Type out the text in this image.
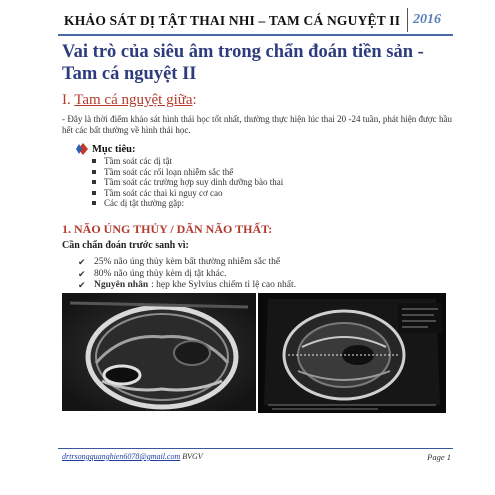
KHẢO SÁT DỊ TẬT THAI NHI – TAM CÁ NGUYỆT II 2016
Vai trò của siêu âm trong chẩn đoán tiền sản - Tam cá nguyệt II
I. Tam cá nguyệt giữa:
- Đây là thời điểm khảo sát hình thái học tốt nhất, thường thực hiện lúc thai 20 -24 tuần, phát hiện được hầu hết các bất thường về hình thái học.
Mục tiêu:
Tầm soát các dị tật
Tầm soát các rối loạn nhiễm sắc thể
Tầm soát các trường hợp suy dinh dưỡng bào thai
Tầm soát các thai kì nguy cơ cao
Các dị tật thường gặp:
1. NÃO ÚNG THỦY / DÃN NÃO THẤT:
Cần chẩn đoán trước sanh vì:
✔ 25% não úng thủy kèm bất thường nhiễm sắc thể
✔ 80% não úng thủy kèm dị tật khác.
✔ Nguyên nhân : hẹp khe Sylvius chiếm tỉ lệ cao nhất.
drtrsongquanghien6078@gmail.com BVGV	Page 1
